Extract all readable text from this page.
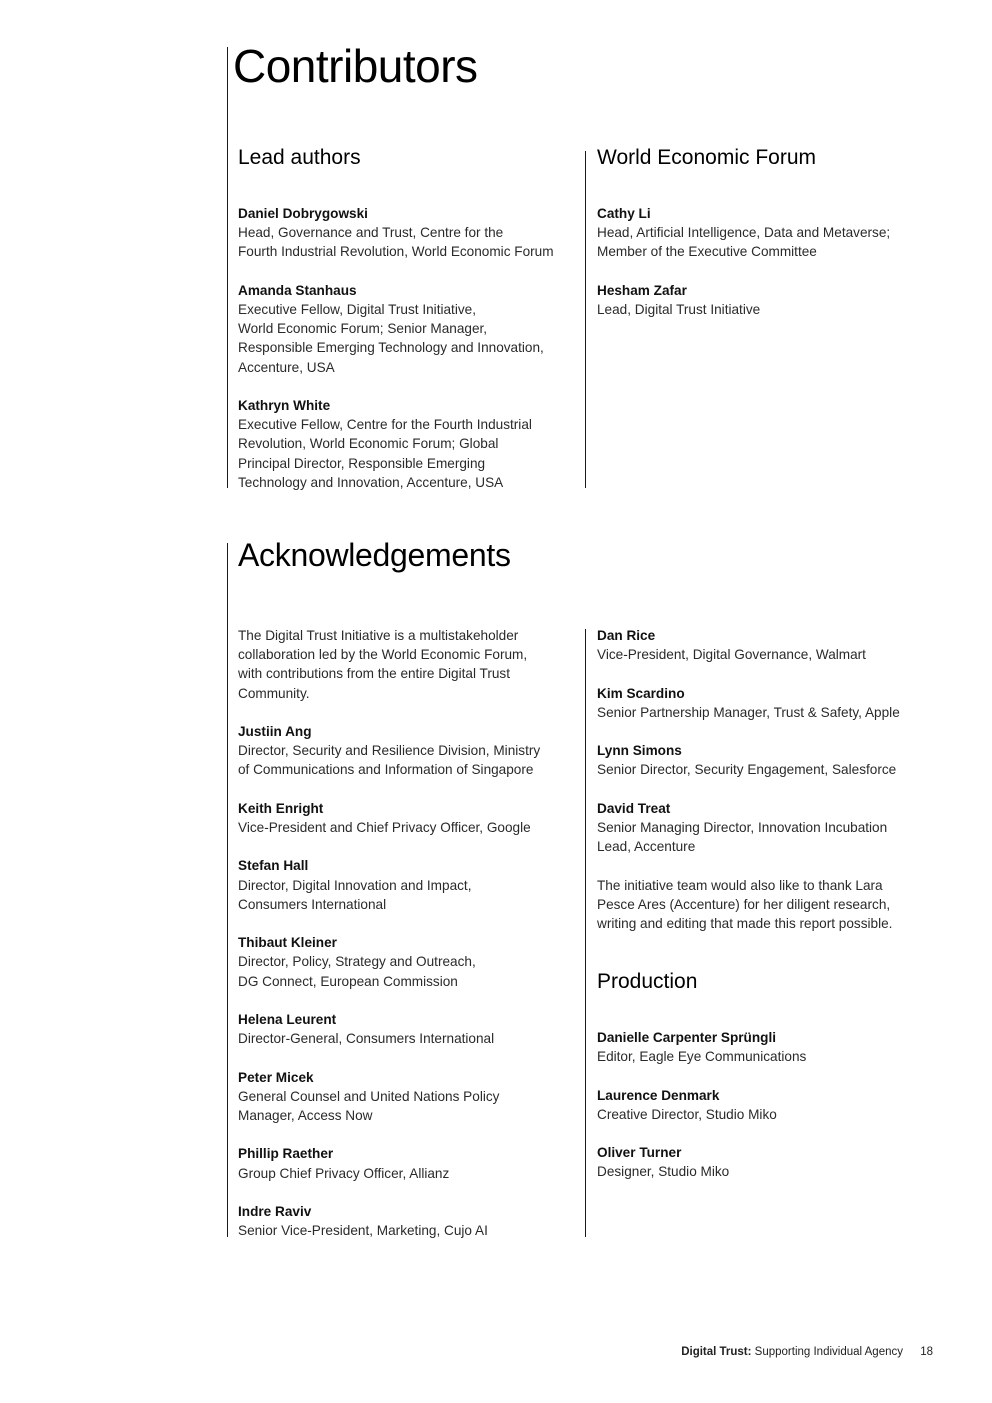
Contributors
Lead authors	World Economic Forum
Daniel Dobrygowski
Head, Governance and Trust, Centre for the
Fourth Industrial Revolution, World Economic Forum
Amanda Stanhaus
Executive Fellow, Digital Trust Initiative,
World Economic Forum; Senior Manager,
Responsible Emerging Technology and Innovation,
Accenture, USA
Kathryn White
Executive Fellow, Centre for the Fourth Industrial
Revolution, World Economic Forum; Global
Principal Director, Responsible Emerging
Technology and Innovation, Accenture, USA
Cathy Li
Head, Artificial Intelligence, Data and Metaverse;
Member of the Executive Committee
Hesham Zafar
Lead, Digital Trust Initiative
Acknowledgements
The Digital Trust Initiative is a multistakeholder
collaboration led by the World Economic Forum,
with contributions from the entire Digital Trust
Community.
Justiin Ang
Director, Security and Resilience Division, Ministry
of Communications and Information of Singapore
Keith Enright
Vice-President and Chief Privacy Officer, Google
Stefan Hall
Director, Digital Innovation and Impact,
Consumers International
Thibaut Kleiner
Director, Policy, Strategy and Outreach,
DG Connect, European Commission
Helena Leurent
Director-General, Consumers International
Peter Micek
General Counsel and United Nations Policy
Manager, Access Now
Phillip Raether
Group Chief Privacy Officer, Allianz
Indre Raviv
Senior Vice-President, Marketing, Cujo AI
Dan Rice
Vice-President, Digital Governance, Walmart
Kim Scardino
Senior Partnership Manager, Trust & Safety, Apple
Lynn Simons
Senior Director, Security Engagement, Salesforce
David Treat
Senior Managing Director, Innovation Incubation
Lead, Accenture
The initiative team would also like to thank Lara
Pesce Ares (Accenture) for her diligent research,
writing and editing that made this report possible.
Production
Danielle Carpenter Sprüngli
Editor, Eagle Eye Communications
Laurence Denmark
Creative Director, Studio Miko
Oliver Turner
Designer, Studio Miko
Digital Trust: Supporting Individual Agency 18
